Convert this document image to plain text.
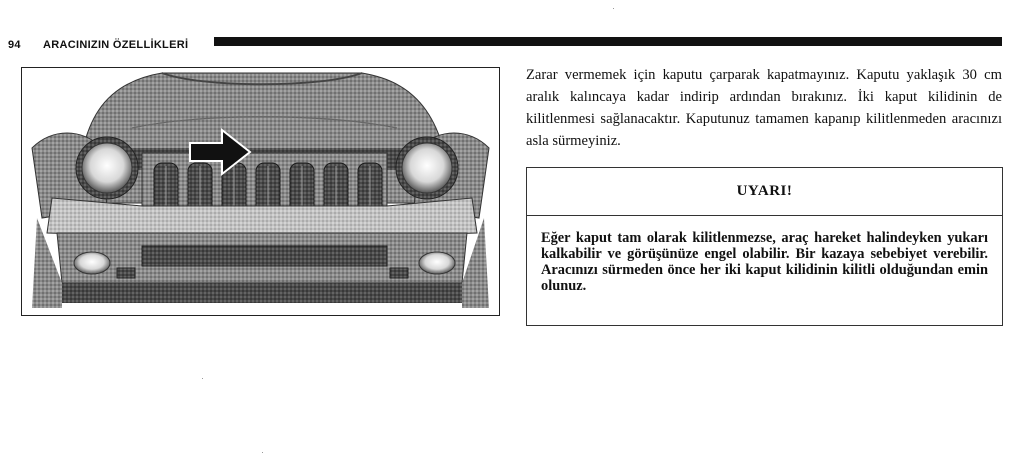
94 ARACINIZIN ÖZELLİKLERİ
Zarar vermemek için kaputu çarparak kapatmayınız. Kaputu yaklaşık 30 cm aralık kalıncaya kadar indirip ardından bırakınız. İki kaput kilidinin de kilitlenmesi sağlanacaktır. Kaputunuz tamamen kapanıp kilitlenmeden aracınızı asla sürmeyiniz.
UYARI!
Eğer kaput tam olarak kilitlenmezse, araç hareket halindeyken yukarı kalkabilir ve görüşünüze engel olabilir. Bir kazaya sebebiyet verebilir. Aracınızı sürmeden önce her iki kaput kilidinin kilitli olduğundan emin olunuz.
